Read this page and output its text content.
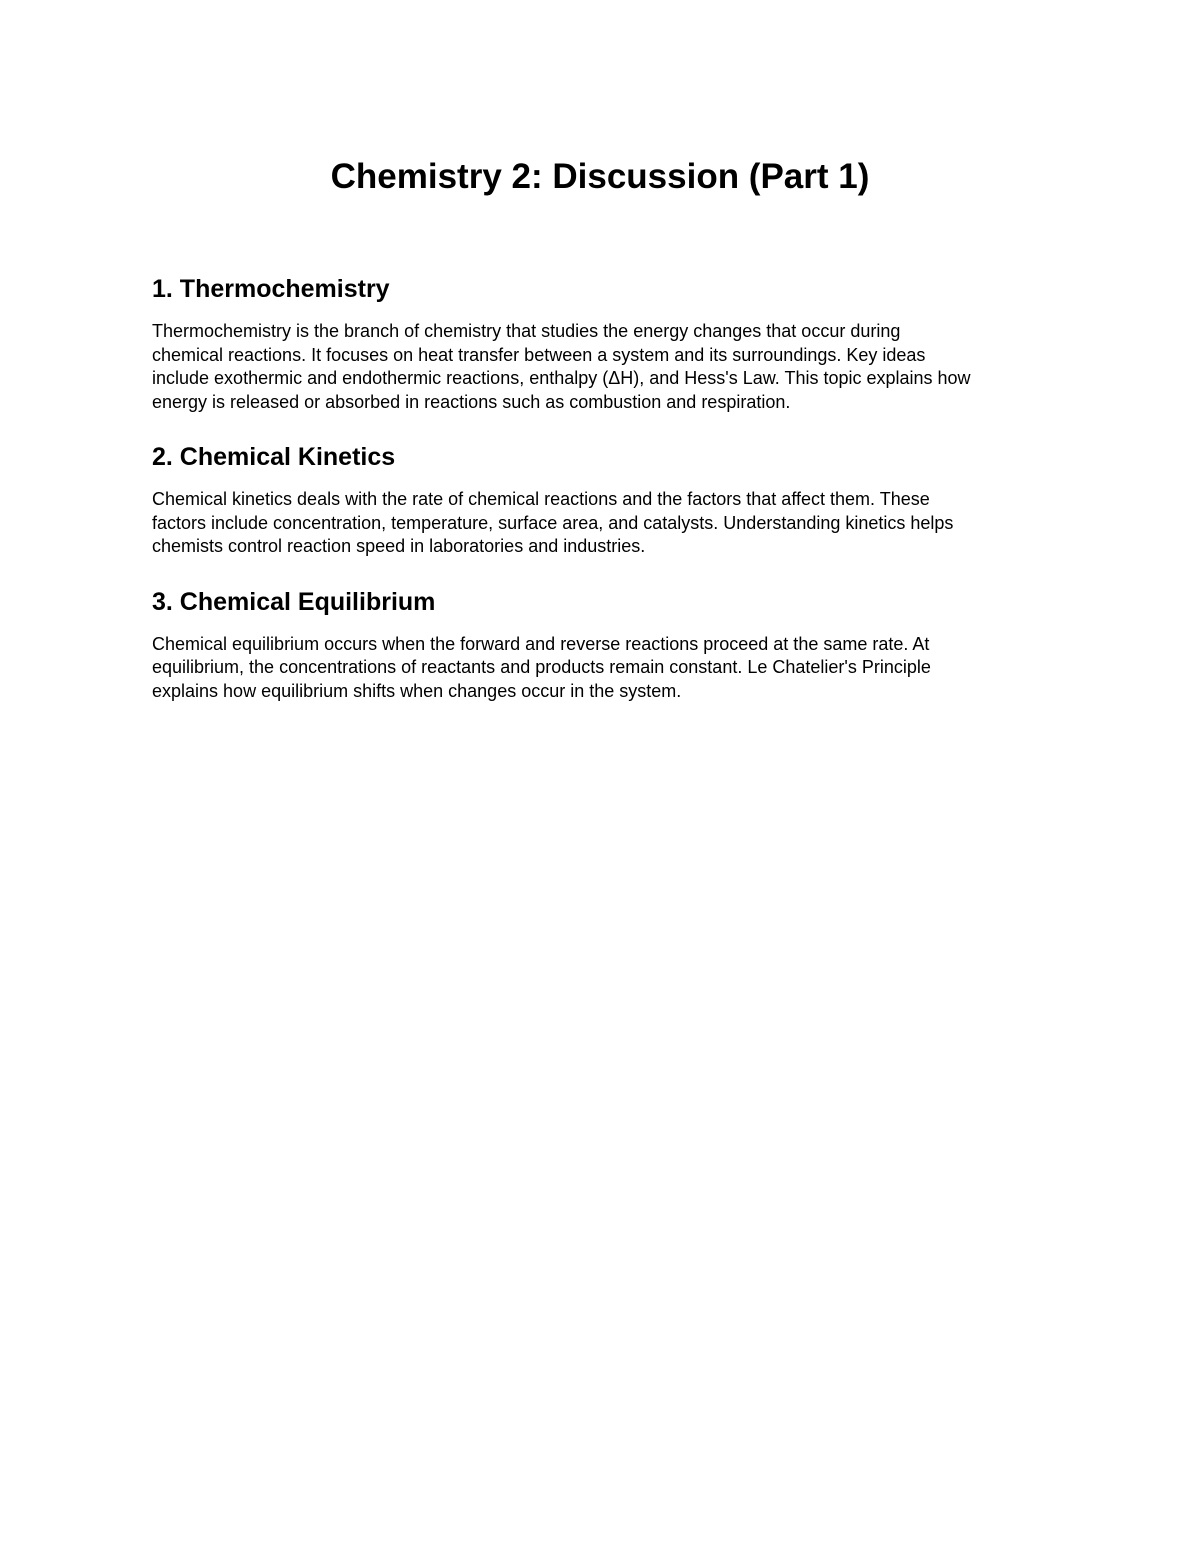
Chemistry 2: Discussion (Part 1)
1. Thermochemistry

Thermochemistry is the branch of chemistry that studies the energy changes that occur during
chemical reactions. It focuses on heat transfer between a system and its surroundings. Key ideas
include exothermic and endothermic reactions, enthalpy (ΔH), and Hess's Law. This topic explains how
energy is released or absorbed in reactions such as combustion and respiration.

2. Chemical Kinetics

Chemical kinetics deals with the rate of chemical reactions and the factors that affect them. These
factors include concentration, temperature, surface area, and catalysts. Understanding kinetics helps
chemists control reaction speed in laboratories and industries.

3. Chemical Equilibrium

Chemical equilibrium occurs when the forward and reverse reactions proceed at the same rate. At
equilibrium, the concentrations of reactants and products remain constant. Le Chatelier's Principle
explains how equilibrium shifts when changes occur in the system.
